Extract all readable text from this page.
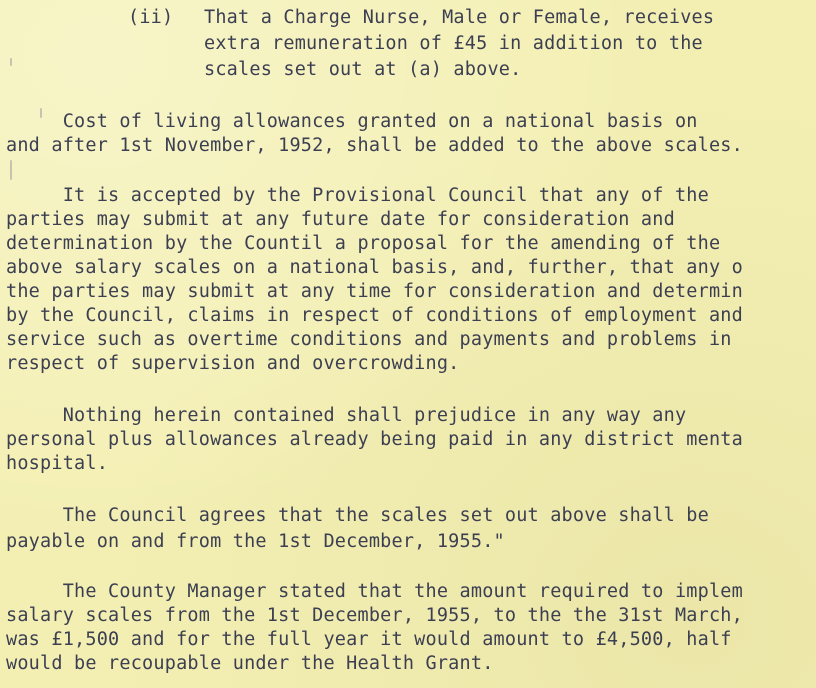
(ii) That a Charge Nurse, Male or Female, receives
extra remuneration of £45 in addition to the
scales set out at (a) above.
Cost of living allowances granted on a national basis on
and after 1st November, 1952, shall be added to the above scales.
It is accepted by the Provisional Council that any of the
parties may submit at any future date for consideration and
determination by the Countil a proposal for the amending of the
above salary scales on a national basis, and, further, that any o
the parties may submit at any time for consideration and determin
by the Council, claims in respect of conditions of employment and
service such as overtime conditions and payments and problems in
respect of supervision and overcrowding.
Nothing herein contained shall prejudice in any way any
personal plus allowances already being paid in any district menta
hospital.
The Council agrees that the scales set out above shall be
payable on and from the 1st December, 1955."
The County Manager stated that the amount required to implem
salary scales from the 1st December, 1955, to the the 31st March,
was £1,500 and for the full year it would amount to £4,500, half
would be recoupable under the Health Grant.
